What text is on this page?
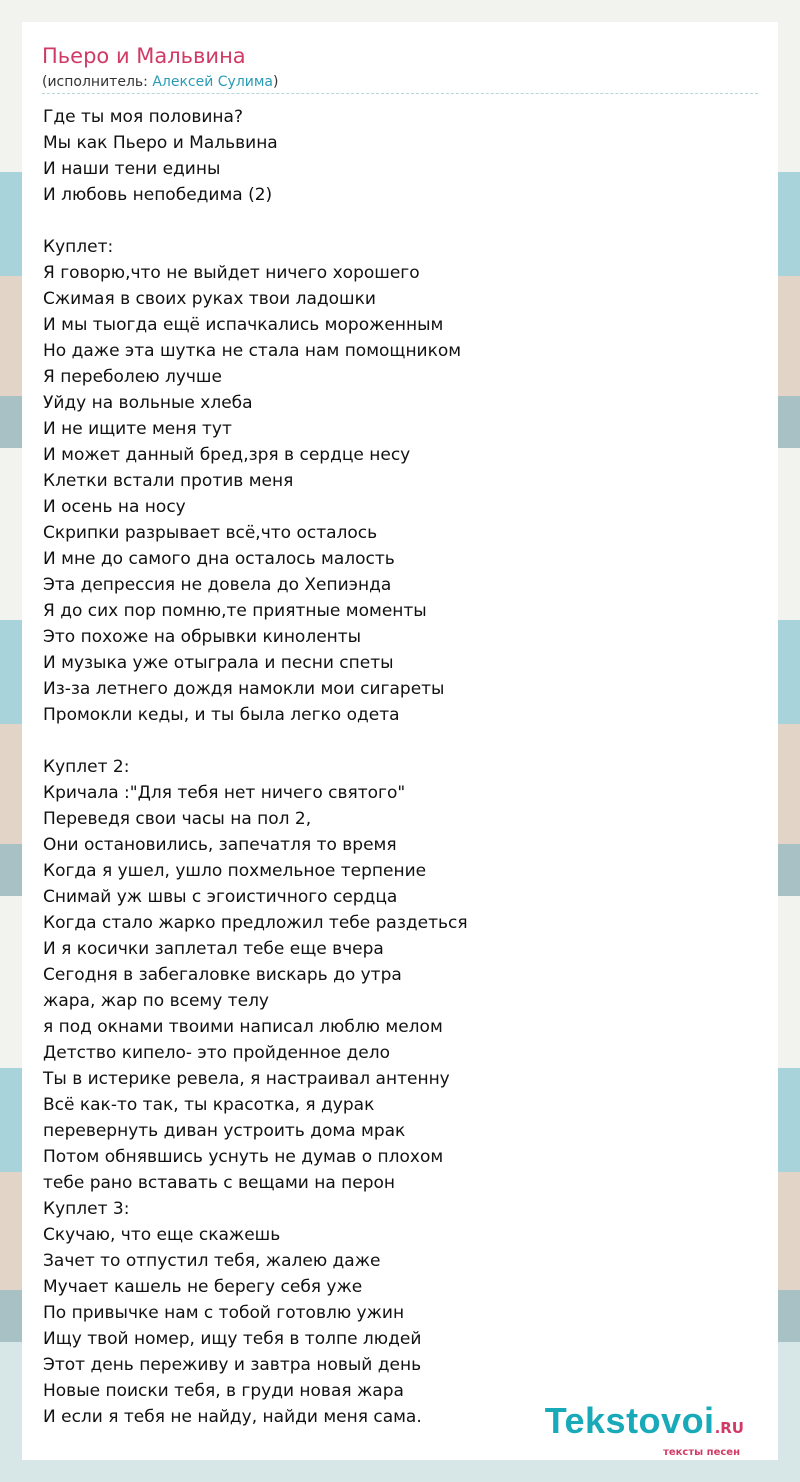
Пьеро и Мальвина
(исполнитель: Алексей Сулима)
Где ты моя половина?
Мы как Пьеро и Мальвина
И наши тени едины
И любовь непобедима (2)

Куплет:
Я говорю,что не выйдет ничего хорошего
Сжимая в своих руках твои ладошки
И мы тыогда ещё испачкались мороженным
Но даже эта шутка не стала нам помощником
Я переболею лучше
Уйду на вольные хлеба
И не ищите меня тут
И может данный бред,зря в сердце несу
Клетки встали против меня
И осень на носу
Скрипки разрывает всё,что осталось
И мне до самого дна осталось малость
Эта депрессия не довела до Хепиэнда
Я до сих пор помню,те приятные моменты
Это похоже на обрывки киноленты
И музыка уже отыграла и песни спеты
Из-за летнего дождя намокли мои сигареты
Промокли кеды, и ты была легко одета

Куплет 2:
Кричала :"Для тебя нет ничего святого"
Переведя свои часы на пол 2,
Они остановились, запечатля то время
Когда я ушел, ушло похмельное терпение
Снимай уж швы с эгоистичного сердца
Когда стало жарко предложил тебе раздеться
И я косички заплетал тебе еще вчера
Сегодня в забегаловке вискарь до утра
жара, жар по всему телу
я под окнами твоими написал люблю мелом
Детство кипело- это пройденное дело
Ты в истерике ревела, я настраивал антенну
Всё как-то так, ты красотка, я дурак
перевернуть диван устроить дома мрак
Потом обнявшись уснуть не думав о плохом
тебе рано вставать с вещами на перон
Куплет 3:
Скучаю, что еще скажешь
Зачет то отпустил тебя, жалею даже
Мучает кашель не берегу себя уже
По привычке нам с тобой готовлю ужин
Ищу твой номер, ищу тебя в толпе людей
Этот день переживу и завтра новый день
Новые поиски тебя, в груди новая жара
И если я тебя не найду, найди меня сама.	Tekstovoi.RU
тексты песен
